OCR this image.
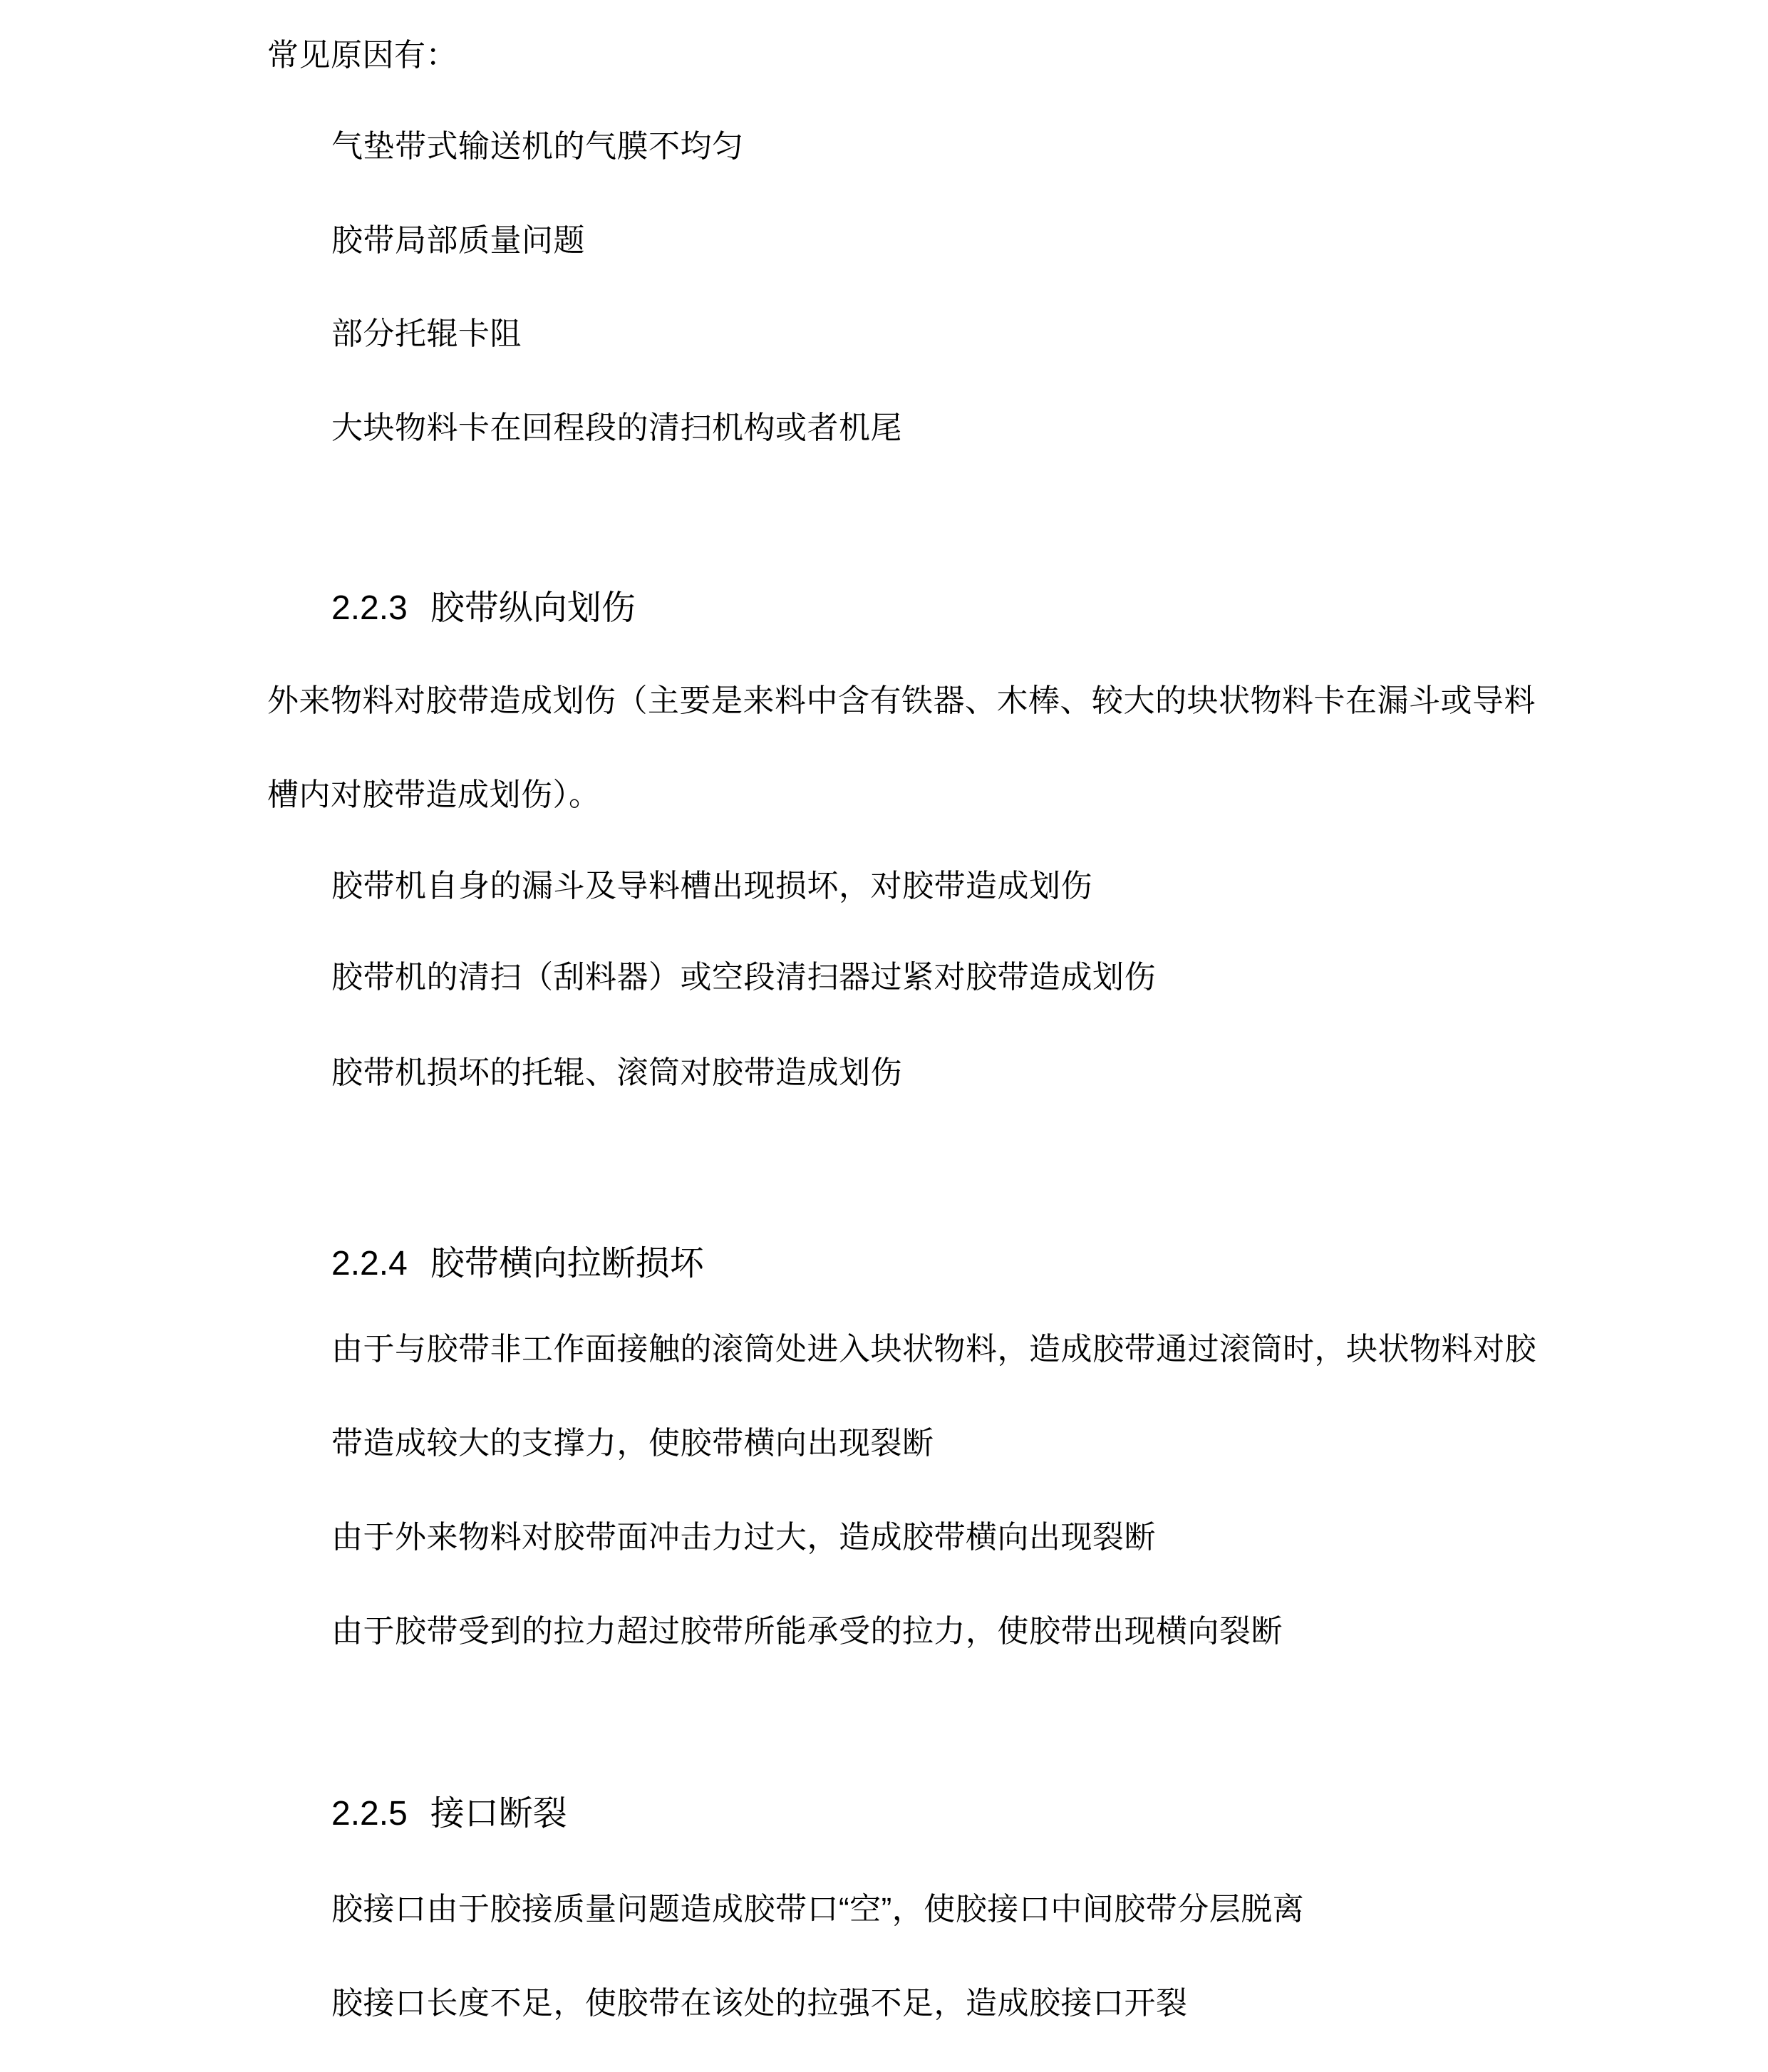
常见原因有：
气垫带式输送机的气膜不均匀
胶带局部质量问题
部分托辊卡阻
大块物料卡在回程段的清扫机构或者机尾
2.2.3 胶带纵向划伤
外来物料对胶带造成划伤（主要是来料中含有铁器、木棒、较大的块状物料卡在漏斗或导料
槽内对胶带造成划伤）。
胶带机自身的漏斗及导料槽出现损坏，对胶带造成划伤
胶带机的清扫（刮料器）或空段清扫器过紧对胶带造成划伤
胶带机损坏的托辊、滚筒对胶带造成划伤
2.2.4 胶带横向拉断损坏
由于与胶带非工作面接触的滚筒处进入块状物料，造成胶带通过滚筒时，块状物料对胶
带造成较大的支撑力，使胶带横向出现裂断
由于外来物料对胶带面冲击力过大，造成胶带横向出现裂断
由于胶带受到的拉力超过胶带所能承受的拉力，使胶带出现横向裂断
2.2.5 接口断裂
胶接口由于胶接质量问题造成胶带口“空”，使胶接口中间胶带分层脱离
胶接口长度不足，使胶带在该处的拉强不足，造成胶接口开裂
